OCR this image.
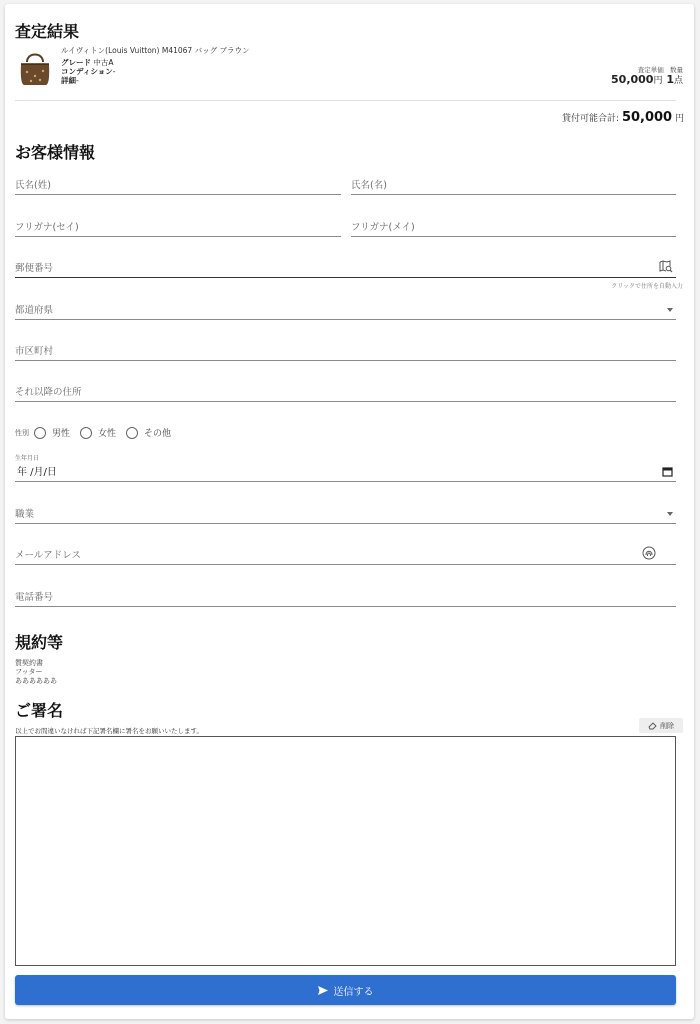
査定結果
ルイヴィトン(Louis Vuitton) M41067 バッグ ブラウン
グレード 中古A
コンディション-
詳細-
査定単価 数量
50,000円 1点
貸付可能合計: 50,000 円
お客様情報
氏名(姓)	氏名(名)
フリガナ(セイ)	フリガナ(メイ)
郵便番号
クリックで住所を自動入力
都道府県
市区町村
それ以降の住所
性別	男性	女性	その他
生年月日
年 /月/日
職業
メールアドレス
電話番号
規約等
質契約書
フッター
ああああああ
ご署名
以上でお間違いなければ下記署名欄に署名をお願いいたします。
削除
送信する
